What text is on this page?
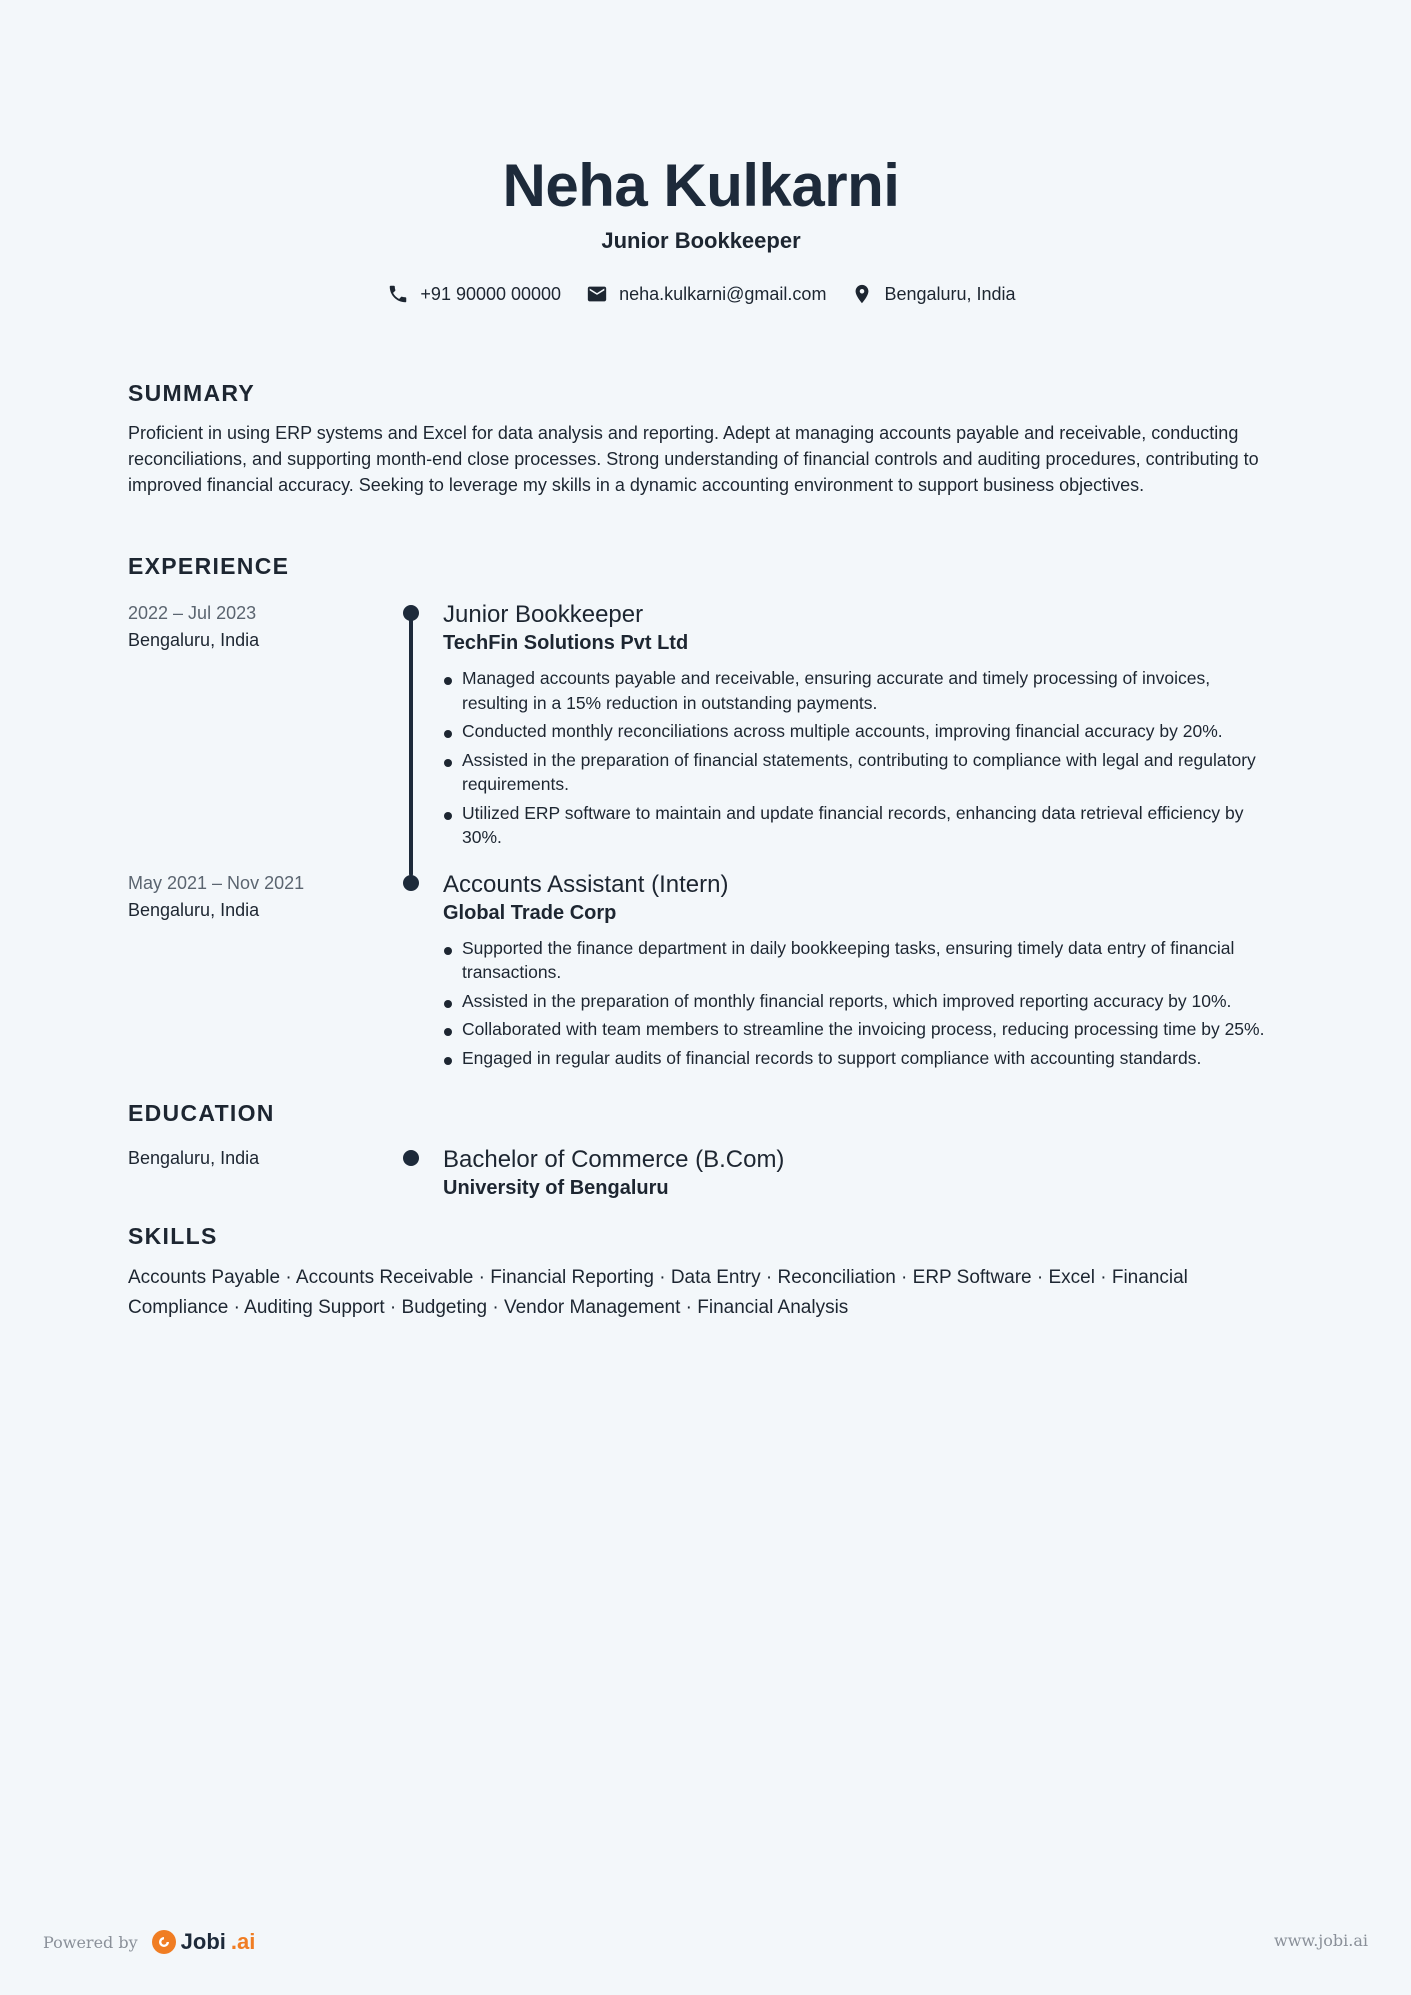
Neha Kulkarni
Junior Bookkeeper
+91 90000 00000	neha.kulkarni@gmail.com	Bengaluru, India
SUMMARY
Proficient in using ERP systems and Excel for data analysis and reporting. Adept at managing accounts payable and receivable, conducting reconciliations, and supporting month-end close processes. Strong understanding of financial controls and auditing procedures, contributing to improved financial accuracy. Seeking to leverage my skills in a dynamic accounting environment to support business objectives.
EXPERIENCE
2022 – Jul 2023
Bengaluru, India
Junior Bookkeeper
TechFin Solutions Pvt Ltd
Managed accounts payable and receivable, ensuring accurate and timely processing of invoices, resulting in a 15% reduction in outstanding payments.
Conducted monthly reconciliations across multiple accounts, improving financial accuracy by 20%.
Assisted in the preparation of financial statements, contributing to compliance with legal and regulatory requirements.
Utilized ERP software to maintain and update financial records, enhancing data retrieval efficiency by 30%.
May 2021 – Nov 2021
Bengaluru, India
Accounts Assistant (Intern)
Global Trade Corp
Supported the finance department in daily bookkeeping tasks, ensuring timely data entry of financial transactions.
Assisted in the preparation of monthly financial reports, which improved reporting accuracy by 10%.
Collaborated with team members to streamline the invoicing process, reducing processing time by 25%.
Engaged in regular audits of financial records to support compliance with accounting standards.
EDUCATION
Bengaluru, India	Bachelor of Commerce (B.Com)
University of Bengaluru
SKILLS
Accounts Payable · Accounts Receivable · Financial Reporting · Data Entry · Reconciliation · ERP Software · Excel · Financial Compliance · Auditing Support · Budgeting · Vendor Management · Financial Analysis
Powered by Jobi .ai	www.jobi.ai
